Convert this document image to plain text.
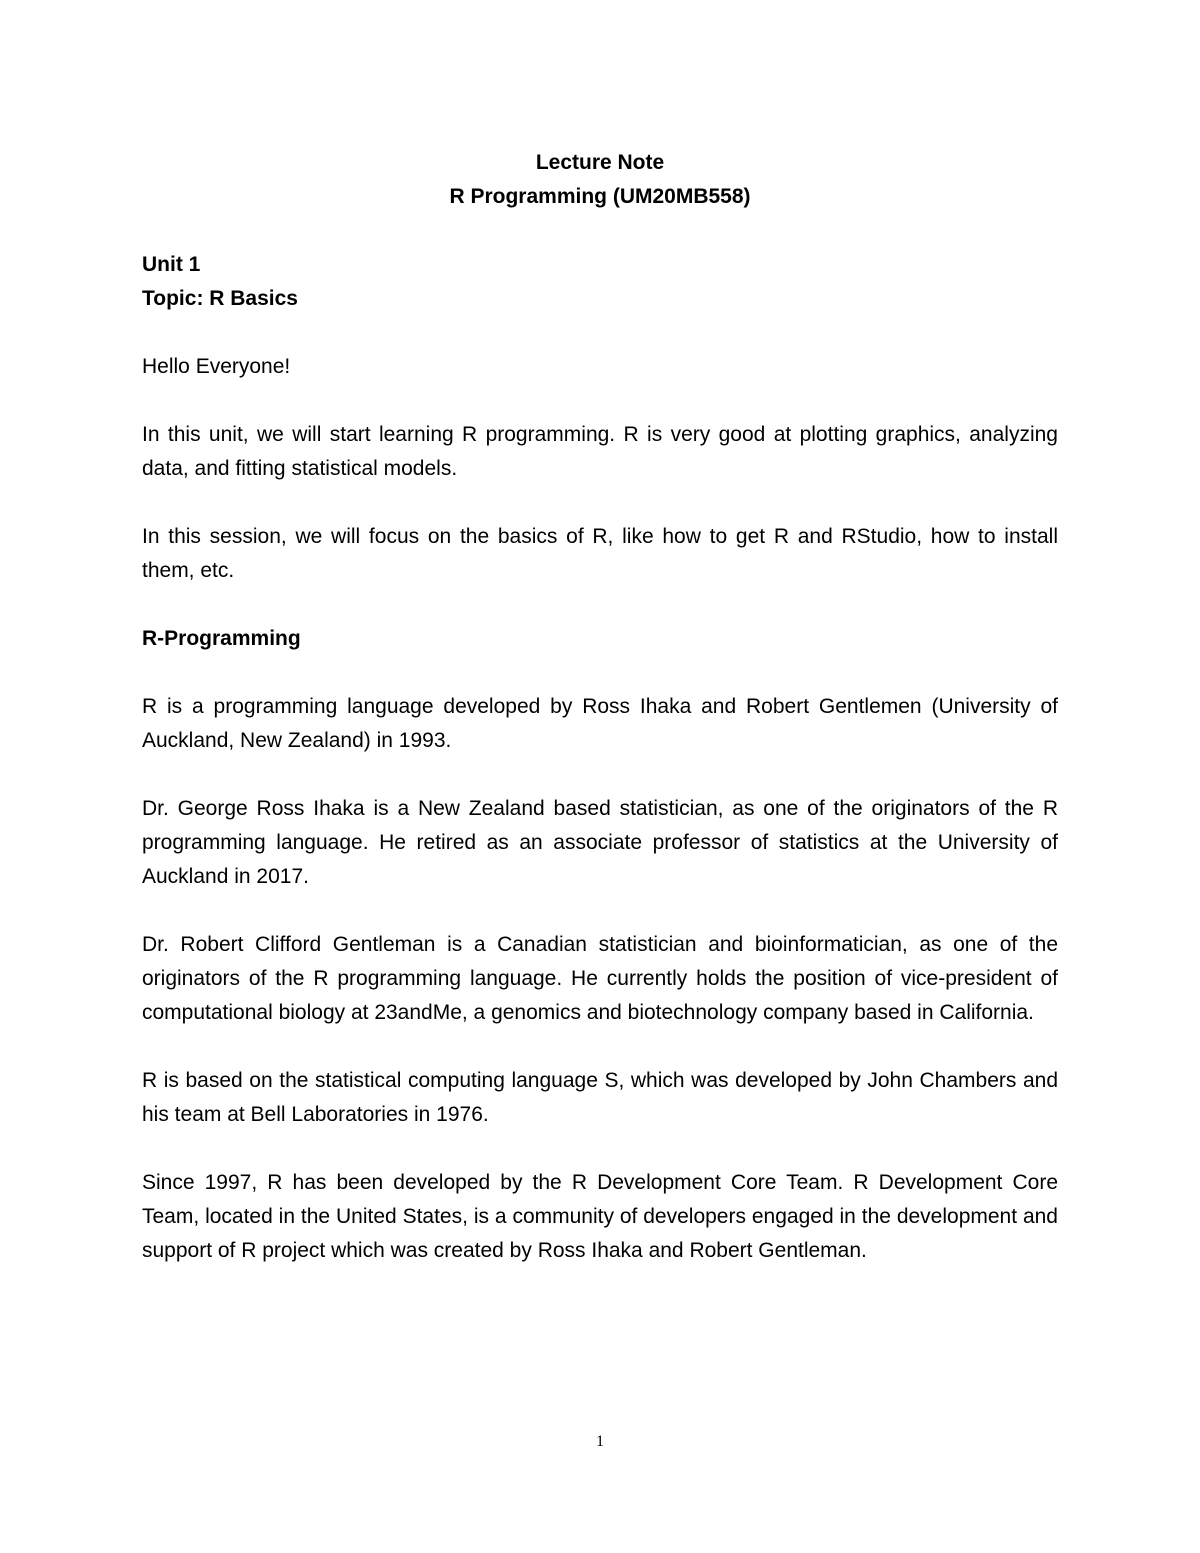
Lecture Note

R Programming (UM20MB558)

Unit 1

Topic: R Basics

Hello Everyone!

In this unit, we will start learning R programming. R is very good at plotting graphics, analyzing data, and fitting statistical models.

In this session, we will focus on the basics of R, like how to get R and RStudio, how to install them, etc.

R-Programming

R is a programming language developed by Ross Ihaka and Robert Gentlemen (University of Auckland, New Zealand) in 1993.

Dr. George Ross Ihaka is a New Zealand based statistician, as one of the originators of the R programming language. He retired as an associate professor of statistics at the University of Auckland in 2017.

Dr. Robert Clifford Gentleman is a Canadian statistician and bioinformatician, as one of the originators of the R programming language. He currently holds the position of vice-president of computational biology at 23andMe, a genomics and biotechnology company based in California.

R is based on the statistical computing language S, which was developed by John Chambers and his team at Bell Laboratories in 1976.

Since 1997, R has been developed by the R Development Core Team. R Development Core Team, located in the United States, is a community of developers engaged in the development and support of R project which was created by Ross Ihaka and Robert Gentleman.

1
